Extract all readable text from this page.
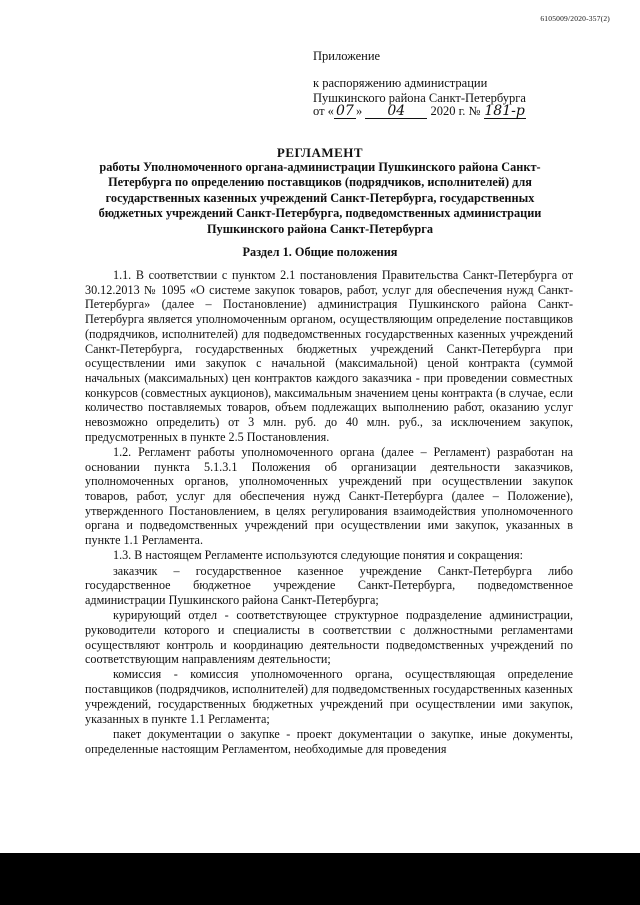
6105009/2020-357(2)
Приложение
к распоряжению администрации
Пушкинского района Санкт-Петербурга
от « 07 » 04 2020 г. № 181-р
РЕГЛАМЕНТ
работы Уполномоченного органа-администрации Пушкинского района Санкт-Петербурга по определению поставщиков (подрядчиков, исполнителей) для государственных казенных учреждений Санкт-Петербурга, государственных бюджетных учреждений Санкт-Петербурга, подведомственных администрации Пушкинского района Санкт-Петербурга
Раздел 1. Общие положения

1.1. В соответствии с пунктом 2.1 постановления Правительства Санкт-Петербурга от 30.12.2013 № 1095 «О системе закупок товаров, работ, услуг для обеспечения нужд Санкт-Петербурга» (далее – Постановление) администрация Пушкинского района Санкт-Петербурга является уполномоченным органом, осуществляющим определение поставщиков (подрядчиков, исполнителей) для подведомственных государственных казенных учреждений Санкт-Петербурга, государственных бюджетных учреждений Санкт-Петербурга при осуществлении ими закупок с начальной (максимальной) ценой контракта (суммой начальных (максимальных) цен контрактов каждого заказчика - при проведении совместных конкурсов (совместных аукционов), максимальным значением цены контракта (в случае, если количество поставляемых товаров, объем подлежащих выполнению работ, оказанию услуг невозможно определить) от 3 млн. руб. до 40 млн. руб., за исключением закупок, предусмотренных в пункте 2.5 Постановления.

1.2. Регламент работы уполномоченного органа (далее – Регламент) разработан на основании пункта 5.1.3.1 Положения об организации деятельности заказчиков, уполномоченных органов, уполномоченных учреждений при осуществлении закупок товаров, работ, услуг для обеспечения нужд Санкт-Петербурга (далее – Положение), утвержденного Постановлением, в целях регулирования взаимодействия уполномоченного органа и подведомственных учреждений при осуществлении ими закупок, указанных в пункте 1.1 Регламента.

1.3. В настоящем Регламенте используются следующие понятия и сокращения:

заказчик – государственное казенное учреждение Санкт-Петербурга либо государственное бюджетное учреждение Санкт-Петербурга, подведомственное администрации Пушкинского района Санкт-Петербурга;

курирующий отдел - соответствующее структурное подразделение администрации, руководители которого и специалисты в соответствии с должностными регламентами осуществляют контроль и координацию деятельности подведомственных учреждений по соответствующим направлениям деятельности;

комиссия - комиссия уполномоченного органа, осуществляющая определение поставщиков (подрядчиков, исполнителей) для подведомственных государственных казенных учреждений, государственных бюджетных учреждений при осуществлении ими закупок, указанных в пункте 1.1 Регламента;

пакет документации о закупке - проект документации о закупке, иные документы, определенные настоящим Регламентом, необходимые для проведения
